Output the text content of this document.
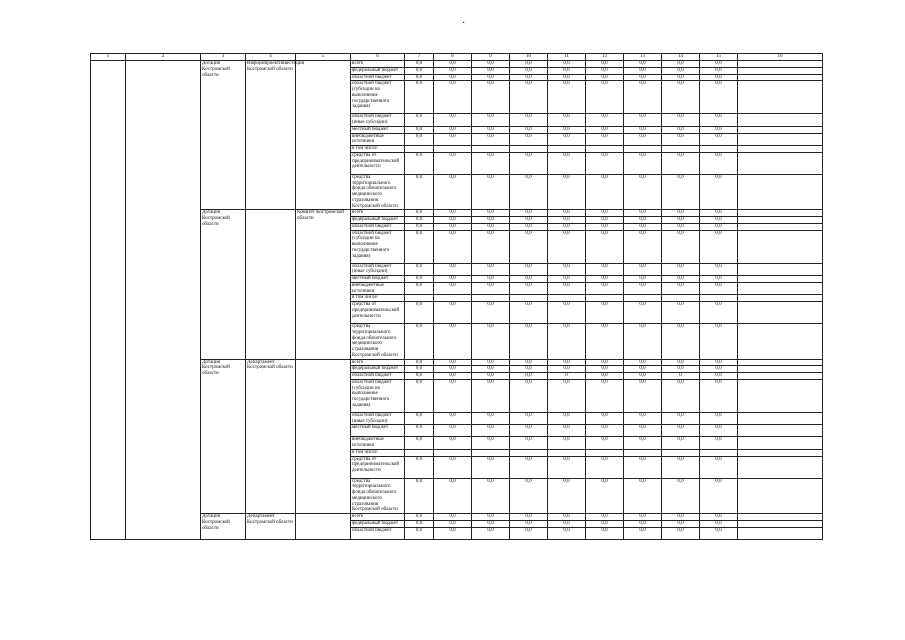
·
1	2	3	4	5	6	7	8	9	10	11	12	13	14	15	16
		Дотация Костромской области	Информпроектинвестиции Костромской области		всего	0,0	0,0	0,0	0,0	0,0	0,0	0,0	0,0	0,0	
					федеральный бюджет	0,0	0,0	0,0	0,0	0,0	0,0	0,0	0,0	0,0	
					областной бюджет	0,0	0,0	0,0	0,0	0,0	0,0	0,0	0,0	0,0	
					областной бюджет (субсидии на выполнение государственного задания)	0,0	0,0	0,0	0,0	0,0	0,0	0,0	0,0	0,0	
					областной бюджет (иные субсидии)	0,0	0,0	0,0	0,0	0,0	0,0	0,0	0,0	0,0	
					местный бюджет	0,0	0,0	0,0	0,0	0,0	0,0	0,0	0,0	0,0	
					внебюджетные источники	0,0	0,0	0,0	0,0	0,0	0,0	0,0	0,0	0,0	
					в том числе:										
					средства от предпринимательской деятельности	0,0	0,0	0,0	0,0	0,0	0,0	0,0	0,0	0,0	
					средства территориального фонда обязательного медицинского страхования Костромской области	0,0	0,0	0,0	0,0	0,0	0,0	0,0	0,0	0,0	
		Дотация Костромской области		Комитет Костромской области	всего	0,0	0,0	0,0	0,0	0,0	0,0	0,0	0,0	0,0	
					федеральный бюджет	0,0	0,0	0,0	0,0	0,0	0,0	0,0	0,0	0,0	
					областной бюджет	0,0	0,0	0,0	0,0	0,0	0,0	0,0	0,0	0,0	
					областной бюджет (субсидии на выполнение государственного задания)	0,0	0,0	0,0	0,0	0,0	0,0	0,0	0,0	0,0	
					областной бюджет (иные субсидии)	0,0	0,0	0,0	0,0	0,0	0,0	0,0	0,0	0,0	
					местный бюджет	0,0	0,0	0,0	0,0	0,0	0,0	0,0	0,0	0,0	
					внебюджетные источники	0,0	0,0	0,0	0,0	0,0	0,0	0,0	0,0	0,0	
					в том числе:										
					средства от предпринимательской деятельности	0,0	0,0	0,0	0,0	0,0	0,0	0,0	0,0	0,0	
					средства территориального фонда обязательного медицинского страхования Костромской области	0,0	0,0	0,0	0,0	0,0	0,0	0,0	0,0	0,0	
		Дотация Костромской области	Департамент Костромской области		всего	0,0	0,0	0,0	0,0	0,0	0,0	0,0	0,0	0,0	
					федеральный бюджет	0,0	0,0	0,0	0,0	0,0	0,0	0,0	0,0	0,0	
					областной бюджет	0,0	0,0	0,0	0,0	0	0,0	0,0	0	0,0	
					областной бюджет (субсидии на выполнение государственного задания)	0,0	0,0	0,0	0,0	0,0	0,0	0,0	0,0	0,0	
					областной бюджет (иные субсидии)	0,0	0,0	0,0	0,0	0,0	0,0	0,0	0,0	0,0	
					местный бюджет	0,0	0,0	0,0	0,0	0,0	0,0	0,0	0,0	0,0	
					внебюджетные источники	0,0	0,0	0,0	0,0	0,0	0,0	0,0	0,0	0,0	
					в том числе:										
					средства от предпринимательской деятельности	0,0	0,0	0,0	0,0	0,0	0,0	0,0	0,0	0,0	
					средства территориального фонда обязательного медицинского страхования Костромской области	0,0	0,0	0,0	0,0	0,0	0,0	0,0	0,0	0,0	
		Дотация Костромской области	Департамент Костромской области		всего	0,0	0,0	0,0	0,0	0,0	0,0	0,0	0,0	0,0	
					федеральный бюджет	0,0	0,0	0,0	0,0	0,0	0,0	0,0	0,0	0,0	
					областной бюджет	0,0	0,0	0,0	0,0	0,0	0,0	0,0	0,0	0,0	
